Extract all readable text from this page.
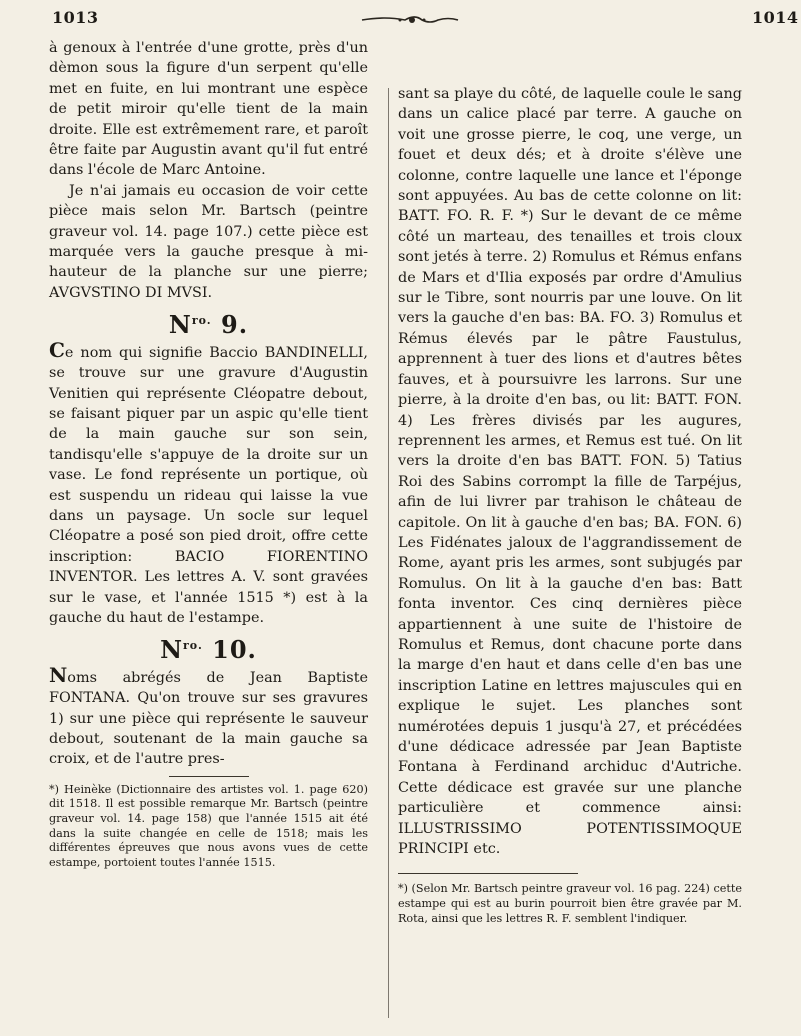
1013	1014

à genoux à l'entrée d'une grotte, près d'un dèmon sous la figure d'un serpent qu'elle met en fuite, en lui montrant une espèce de petit miroir qu'elle tient de la main droite. Elle est extrêmement rare, et paroît être faite par Augustin avant qu'il fut entré dans l'école de Marc Antoine.

Je n'ai jamais eu occasion de voir cette pièce mais selon Mr. Bartsch (peintre graveur vol. 14. page 107.) cette pièce est marquée vers la gauche presque à mi-hauteur de la planche sur une pierre; AVGVSTINO DI MVSI.

$N^{ro.}$ 9.

Ce nom qui signifie Baccio BANDINELLI, se trouve sur une gravure d'Augustin Venitien qui représente Cléopatre debout, se faisant piquer par un aspic qu'elle tient de la main gauche sur son sein, tandisqu'elle s'appuye de la droite sur un vase. Le fond représente un portique, où est suspendu un rideau qui laisse la vue dans un paysage. Un socle sur lequel Cléopatre a posé son pied droit, offre cette inscription: BACIO FIORENTINO INVENTOR. Les lettres A. V. sont gravées sur le vase, et l'année 1515 *) est à la gauche du haut de l'estampe.

$N^{ro.}$ 10.

Noms abrégés de Jean Baptiste FONTANA. Qu'on trouve sur ses gravures 1) sur une pièce qui représente le sauveur debout, soutenant de la main gauche sa croix, et de l'autre pres-

*) Heinèke (Dictionnaire des artistes vol. 1. page 620) dit 1518. Il est possible remarque Mr. Bartsch (peintre graveur vol. 14. page 158) que l'année 1515 ait été dans la suite changée en celle de 1518; mais les différentes épreuves que nous avons vues de cette estampe, portoient toutes l'année 1515.

sant sa playe du côté, de laquelle coule le sang dans un calice placé par terre. A gauche on voit une grosse pierre, le coq, une verge, un fouet et deux dés; et à droite s'élève une colonne, contre laquelle une lance et l'éponge sont appuyées. Au bas de cette colonne on lit: BATT. FO. R. F. *) Sur le devant de ce même côté un marteau, des tenailles et trois cloux sont jetés à terre. 2) Romulus et Rémus enfans de Mars et d'Ilia exposés par ordre d'Amulius sur le Tibre, sont nourris par une louve. On lit vers la gauche d'en bas: BA. FO. 3) Romulus et Rémus élevés par le pâtre Faustulus, apprennent à tuer des lions et d'autres bêtes fauves, et à poursuivre les larrons. Sur une pierre, à la droite d'en bas, ou lit: BATT. FON. 4) Les frères divisés par les augures, reprennent les armes, et Remus est tué. On lit vers la droite d'en bas BATT. FON. 5) Tatius Roi des Sabins corrompt la fille de Tarpéjus, afin de lui livrer par trahison le château de capitole. On lit à gauche d'en bas; BA. FON. 6) Les Fidénates jaloux de l'aggrandissement de Rome, ayant pris les armes, sont subjugés par Romulus. On lit à la gauche d'en bas: Batt fonta inventor. Ces cinq dernières pièce appartiennent à une suite de l'histoire de Romulus et Remus, dont chacune porte dans la marge d'en haut et dans celle d'en bas une inscription Latine en lettres majuscules qui en explique le sujet. Les planches sont numérotées depuis 1 jusqu'à 27, et précédées d'une dédicace adressée par Jean Baptiste Fontana à Ferdinand archiduc d'Autriche. Cette dédicace est gravée sur une planche particulière et commence ainsi: ILLUSTRISSIMO POTENTISSIMOQUE PRINCIPI etc.

*) (Selon Mr. Bartsch peintre graveur vol. 16 pag. 224) cette estampe qui est au burin pourroit bien être gravée par M. Rota, ainsi que les lettres R. F. semblent l'indiquer.
